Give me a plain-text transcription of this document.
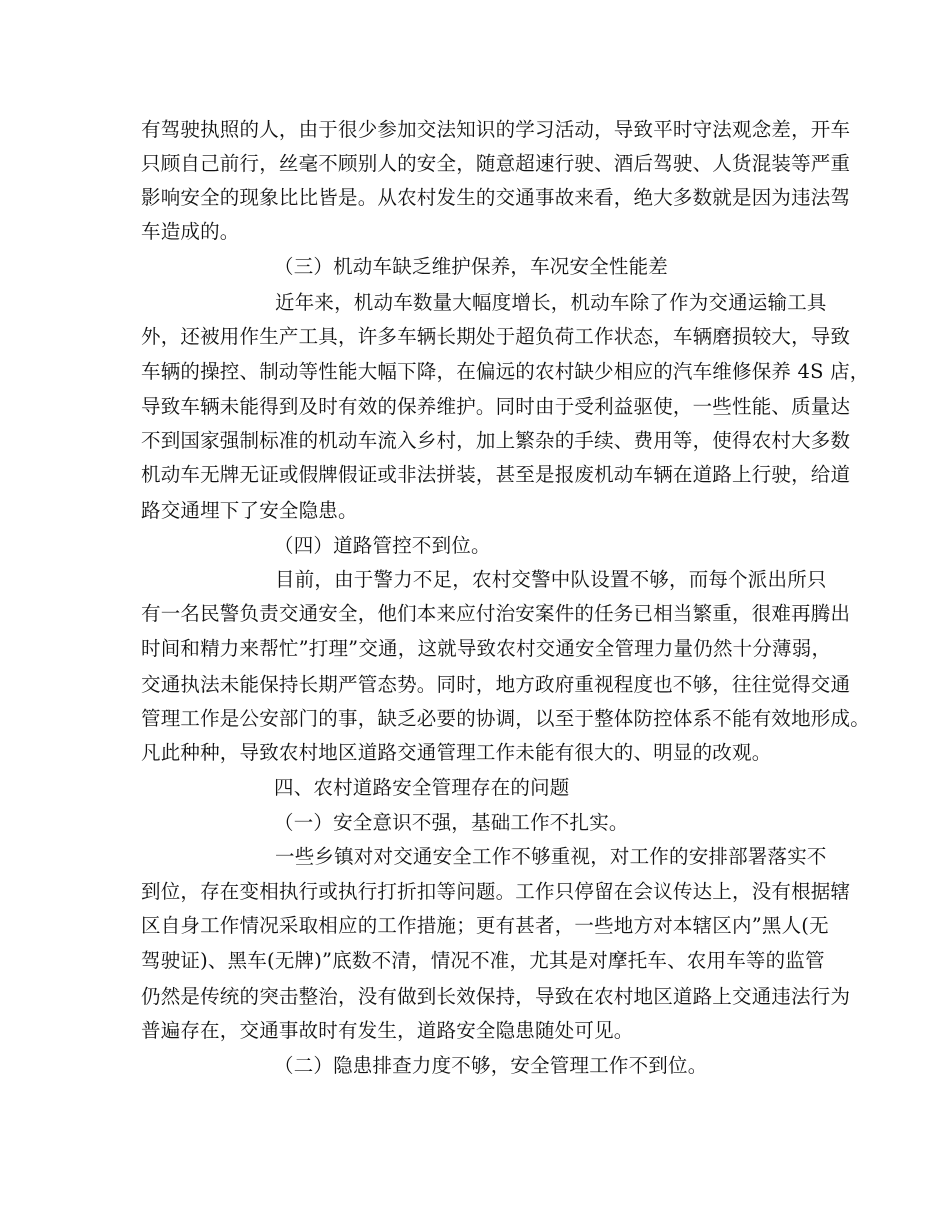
有驾驶执照的人，由于很少参加交法知识的学习活动，导致平时守法观念差，开车
只顾自己前行，丝毫不顾别人的安全，随意超速行驶、酒后驾驶、人货混装等严重
影响安全的现象比比皆是。从农村发生的交通事故来看，绝大多数就是因为违法驾
车造成的。
（三）机动车缺乏维护保养，车况安全性能差
近年来，机动车数量大幅度增长，机动车除了作为交通运输工具
外，还被用作生产工具，许多车辆长期处于超负荷工作状态，车辆磨损较大，导致
车辆的操控、制动等性能大幅下降，在偏远的农村缺少相应的汽车维修保养 4S 店，
导致车辆未能得到及时有效的保养维护。同时由于受利益驱使，一些性能、质量达
不到国家强制标准的机动车流入乡村，加上繁杂的手续、费用等，使得农村大多数
机动车无牌无证或假牌假证或非法拼装，甚至是报废机动车辆在道路上行驶，给道
路交通埋下了安全隐患。
（四）道路管控不到位。
目前，由于警力不足，农村交警中队设置不够，而每个派出所只
有一名民警负责交通安全，他们本来应付治安案件的任务已相当繁重，很难再腾出
时间和精力来帮忙”打理”交通，这就导致农村交通安全管理力量仍然十分薄弱，
交通执法未能保持长期严管态势。同时，地方政府重视程度也不够，往往觉得交通
管理工作是公安部门的事，缺乏必要的协调，以至于整体防控体系不能有效地形成。
凡此种种，导致农村地区道路交通管理工作未能有很大的、明显的改观。
四、农村道路安全管理存在的问题
（一）安全意识不强，基础工作不扎实。
一些乡镇对对交通安全工作不够重视，对工作的安排部署落实不
到位，存在变相执行或执行打折扣等问题。工作只停留在会议传达上，没有根据辖
区自身工作情况采取相应的工作措施；更有甚者，一些地方对本辖区内”黑人(无
驾驶证)、黑车(无牌)”底数不清，情况不准，尤其是对摩托车、农用车等的监管
仍然是传统的突击整治，没有做到长效保持，导致在农村地区道路上交通违法行为
普遍存在，交通事故时有发生，道路安全隐患随处可见。
（二）隐患排查力度不够，安全管理工作不到位。
